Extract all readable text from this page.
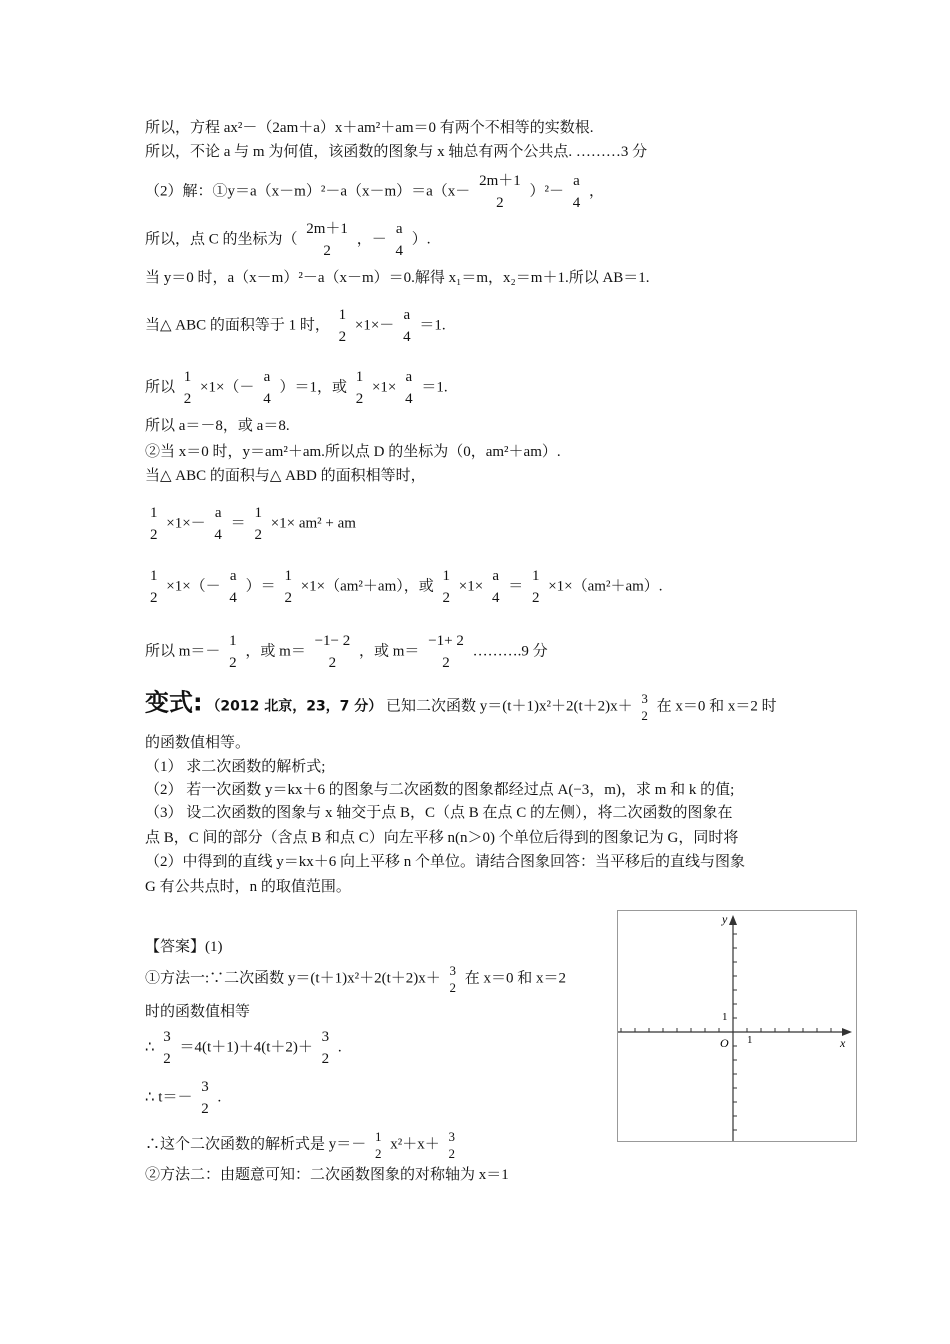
所以，方程 ax²－（2am＋a）x＋am²＋am＝0 有两个不相等的实数根.
所以，不论 a 与 m 为何值，该函数的图象与 x 轴总有两个公共点. ………3 分
（2）解：①y＝a（x－m）²－a（x－m）＝a（x－
2m＋1
2
）²－
a
4
，
所以，点 C 的坐标为（
2m＋1
2
，－
a
4
）.
当 y＝0 时，a（x－m）²－a（x－m）＝0.解得 x₁＝m，x₂＝m＋1.所以 AB＝1.
当△ ABC 的面积等于 1 时，
1
2
×1×－
a
4
＝1.
所以
1
2
×1×（－
a
4
）＝1，或
1
2
×1×
a
4
＝1.
所以 a＝－8，或 a＝8.
②当 x＝0 时，y＝am²＋am.所以点 D 的坐标为（0，am²＋am）.
当△ ABC 的面积与△ ABD 的面积相等时，
1
2
×1×－
a
4
＝
1
2
×1× am² + am
1
2
×1×（－
a
4
）＝
1
2
×1×（am²＋am），或
1
2
×1×
a
4
＝
1
2
×1×（am²＋am）.
所以 m＝－
1
2
，或 m＝
−1− 2
2
，或 m＝
−1+ 2
2
……….9 分
变式: （2012 北京，23，7 分） 已知二次函数 y＝(t＋1)x²＋2(t＋2)x＋ 3
2
在 x＝0 和 x＝2 时
的函数值相等。
（1） 求二次函数的解析式;
（2） 若一次函数 y＝kx＋6 的图象与二次函数的图象都经过点 A(−3，m)，求 m 和 k 的值;
（3） 设二次函数的图象与 x 轴交于点 B，C（点 B 在点 C 的左侧），将二次函数的图象在
点 B，C 间的部分（含点 B 和点 C）向左平移 n(n＞0) 个单位后得到的图象记为 G，同时将
（2）中得到的直线 y＝kx＋6 向上平移 n 个单位。请结合图象回答：当平移后的直线与图象
G 有公共点时，n 的取值范围。
【答案】(1)
①方法一:∵二次函数 y＝(t＋1)x²＋2(t＋2)x＋ 3
2
在 x＝0 和 x＝2
时的函数值相等
∴
3
2
＝4(t＋1)＋4(t＋2)＋
3
2
.
∴ t＝－
3
2
.
∴这个二次函数的解析式是 y＝－ 1
2
x²＋x＋ 3
2
②方法二：由题意可知：二次函数图象的对称轴为 x＝1
y
x
O 1
1
